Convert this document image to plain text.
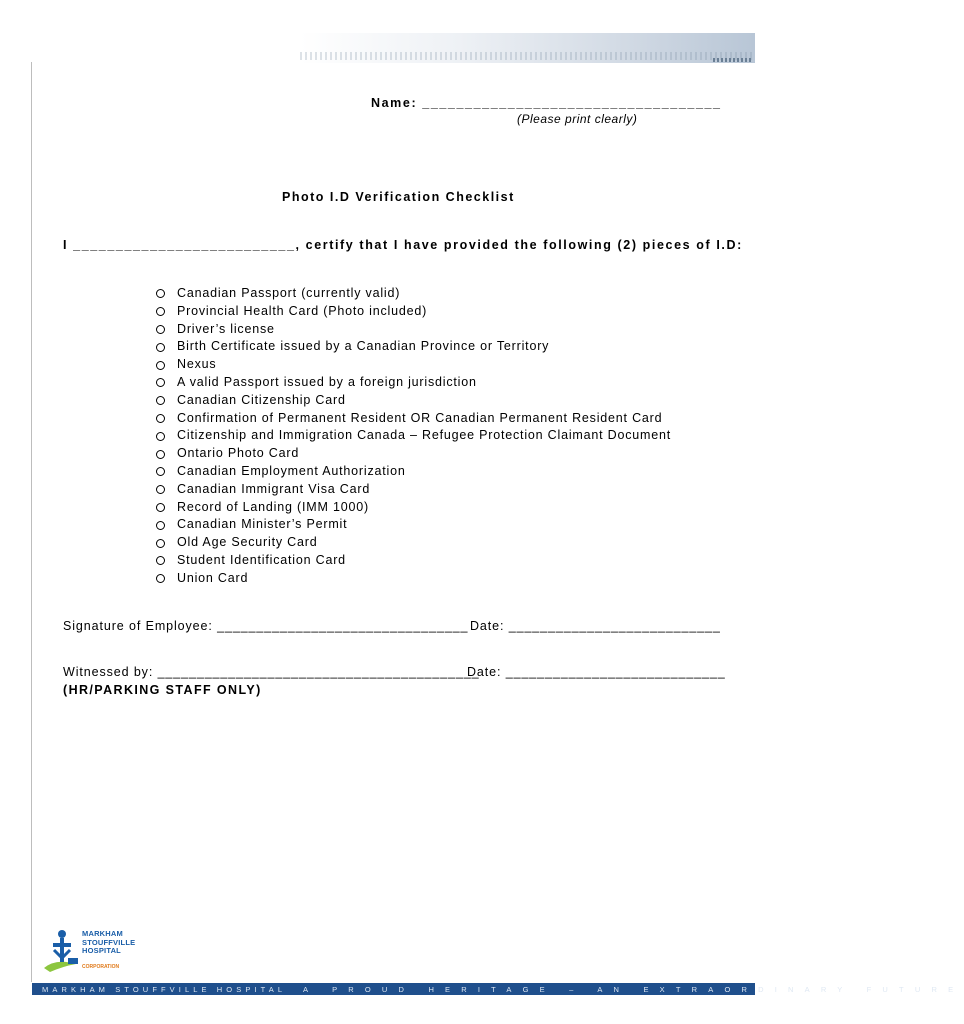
Name: ___________________________________
(Please print clearly)
Photo I.D Verification Checklist
I __________________________, certify that I have provided the following (2) pieces of I.D:
Canadian Passport (currently valid)
Provincial Health Card (Photo included)
Driver’s license
Birth Certificate issued by a Canadian Province or Territory
Nexus
A valid Passport issued by a foreign jurisdiction
Canadian Citizenship Card
Confirmation of Permanent Resident OR Canadian Permanent Resident Card
Citizenship and Immigration Canada – Refugee Protection Claimant Document
Ontario Photo Card
Canadian Employment Authorization
Canadian Immigrant Visa Card
Record of Landing (IMM 1000)
Canadian Minister’s Permit
Old Age Security Card
Student Identification Card
Union Card
Signature of Employee: ________________________________ Date: ___________________________
Witnessed by: _________________________________________
Date: ____________________________
(HR/PARKING STAFF ONLY)
MARKHAM
STOUFFVILLE
HOSPITAL
CORPORATION
MARKHAM STOUFFVILLE HOSPITAL	A PROUD HERITAGE – AN EXTRAORDINARY FUTURE
